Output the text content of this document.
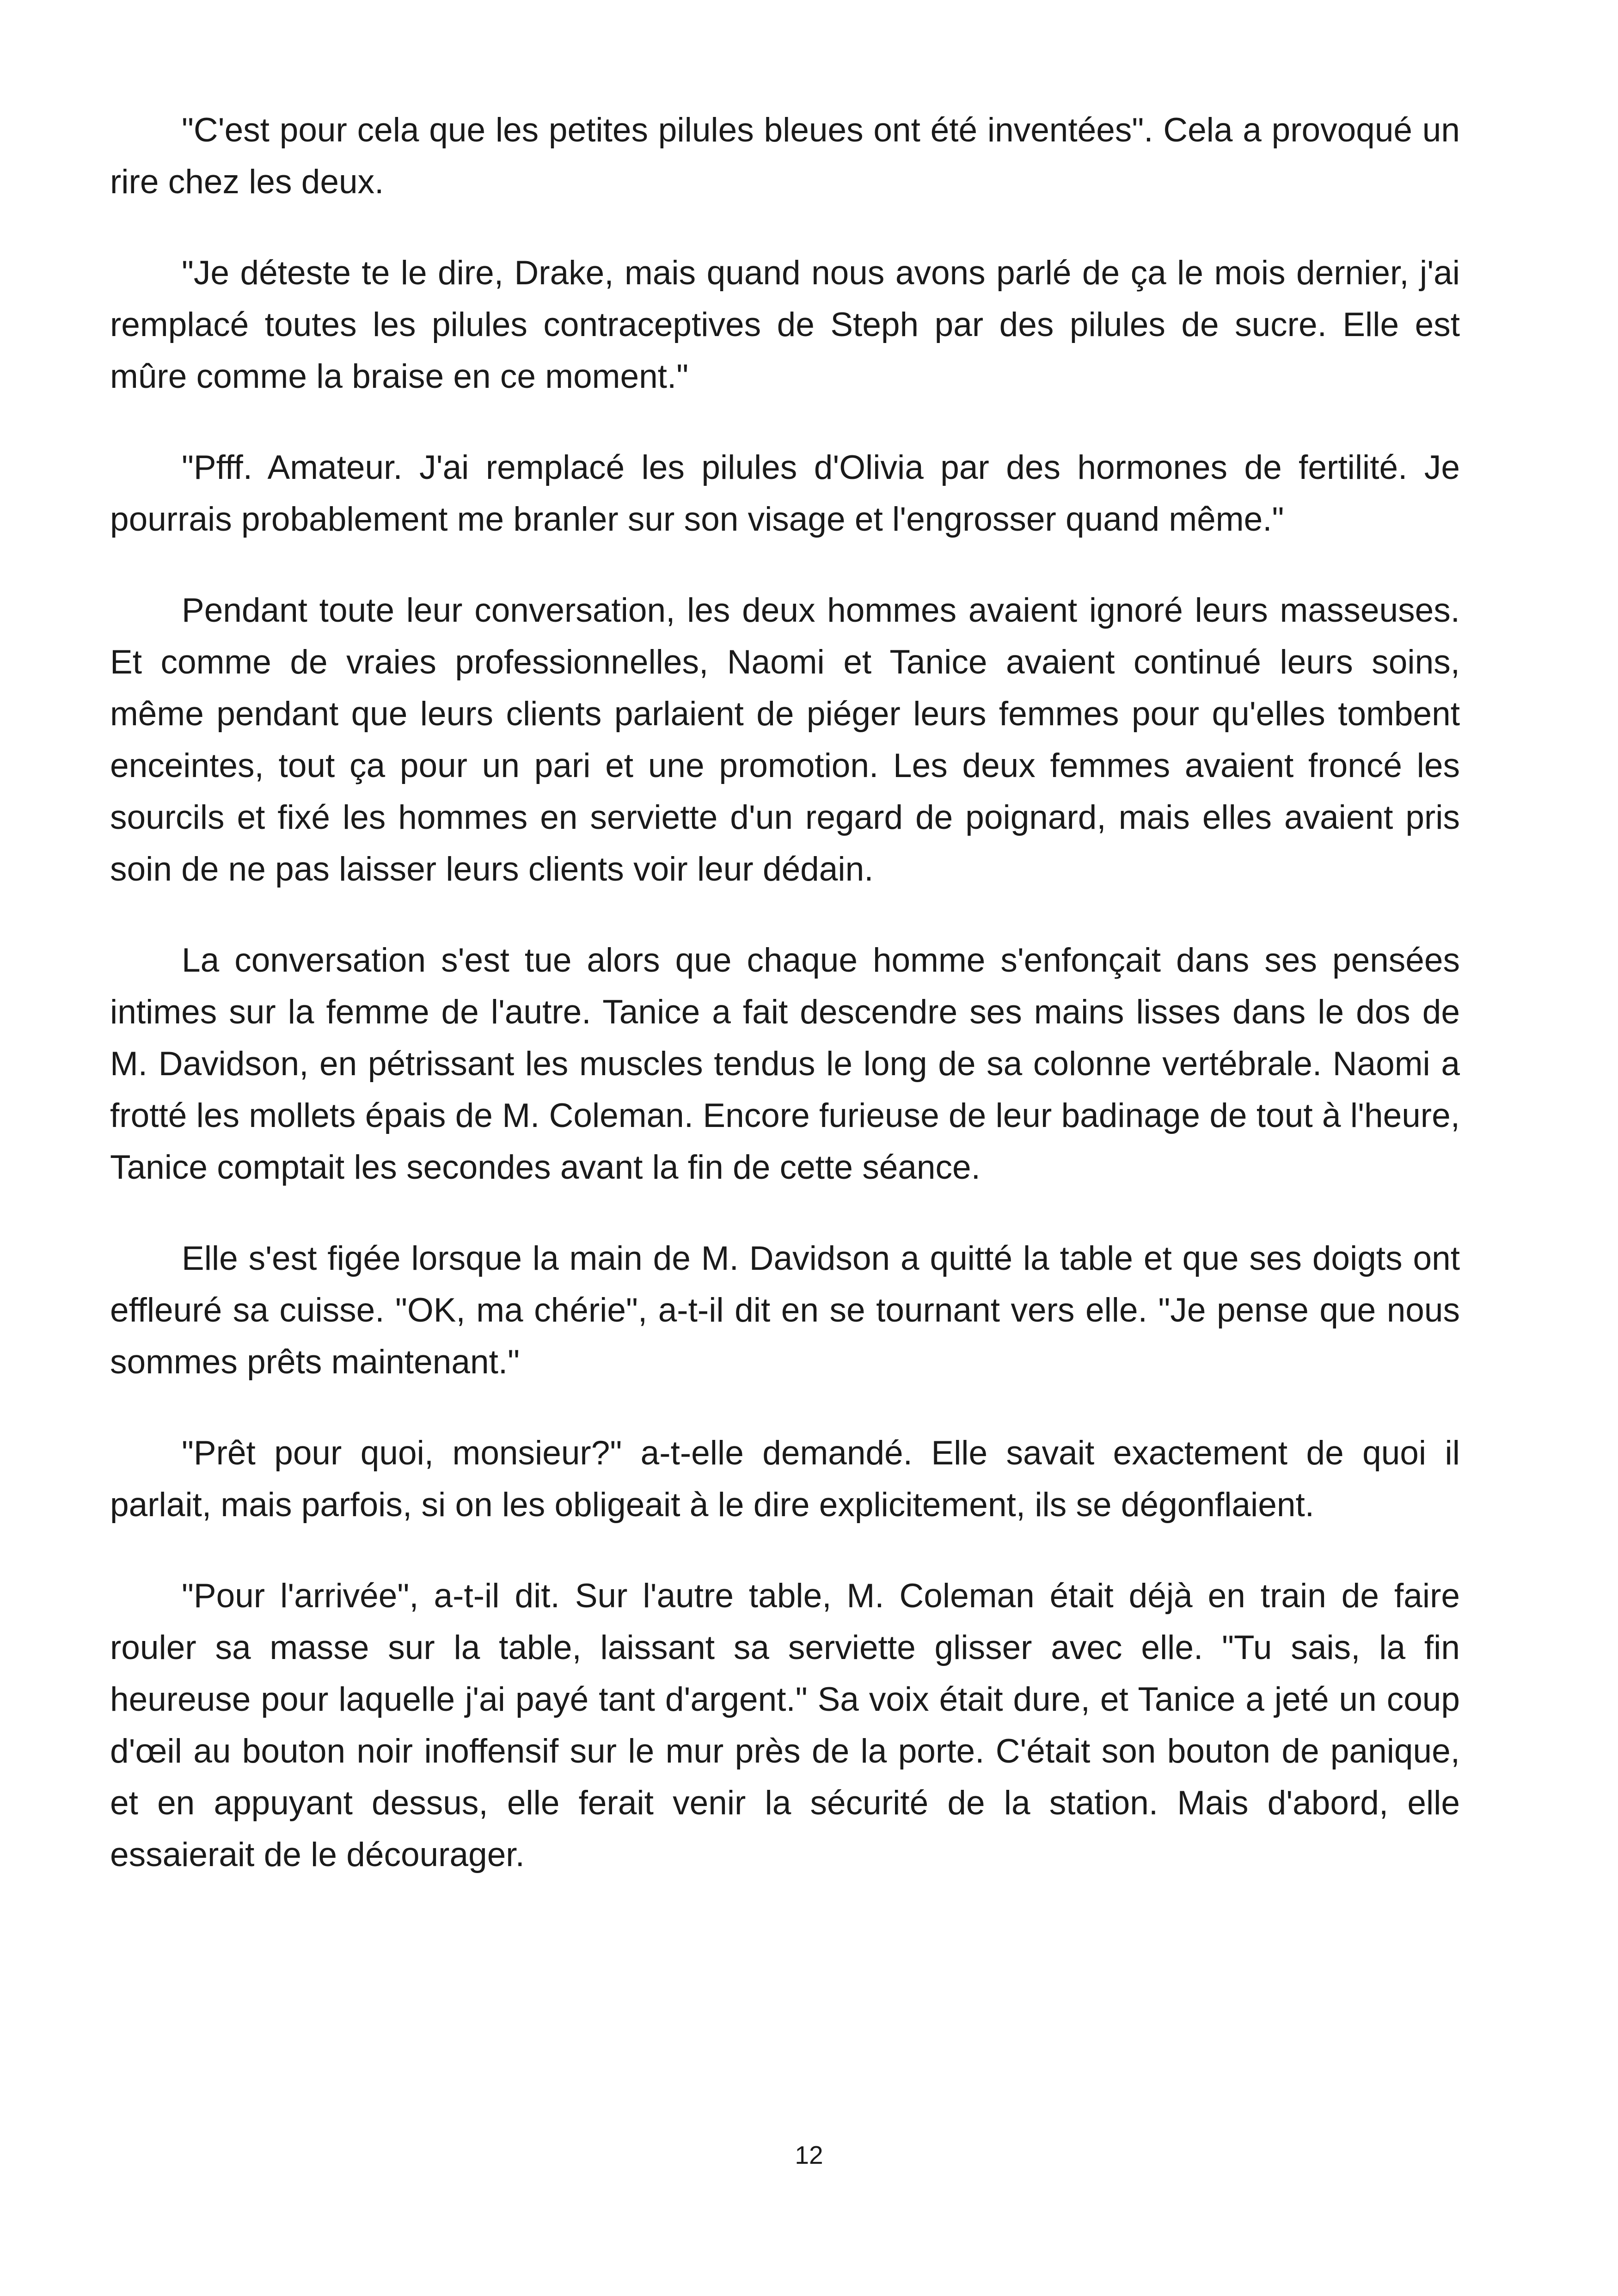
"C'est pour cela que les petites pilules bleues ont été inventées". Cela a provoqué un rire chez les deux.

"Je déteste te le dire, Drake, mais quand nous avons parlé de ça le mois dernier, j'ai remplacé toutes les pilules contraceptives de Steph par des pilules de sucre. Elle est mûre comme la braise en ce moment."

"Pfff. Amateur. J'ai remplacé les pilules d'Olivia par des hormones de fertilité. Je pourrais probablement me branler sur son visage et l'engrosser quand même."

Pendant toute leur conversation, les deux hommes avaient ignoré leurs masseuses. Et comme de vraies professionnelles, Naomi et Tanice avaient continué leurs soins, même pendant que leurs clients parlaient de piéger leurs femmes pour qu'elles tombent enceintes, tout ça pour un pari et une promotion. Les deux femmes avaient froncé les sourcils et fixé les hommes en serviette d'un regard de poignard, mais elles avaient pris soin de ne pas laisser leurs clients voir leur dédain.

La conversation s'est tue alors que chaque homme s'enfonçait dans ses pensées intimes sur la femme de l'autre. Tanice a fait descendre ses mains lisses dans le dos de M. Davidson, en pétrissant les muscles tendus le long de sa colonne vertébrale. Naomi a frotté les mollets épais de M. Coleman. Encore furieuse de leur badinage de tout à l'heure, Tanice comptait les secondes avant la fin de cette séance.

Elle s'est figée lorsque la main de M. Davidson a quitté la table et que ses doigts ont effleuré sa cuisse. "OK, ma chérie", a-t-il dit en se tournant vers elle. "Je pense que nous sommes prêts maintenant."

"Prêt pour quoi, monsieur?" a-t-elle demandé. Elle savait exactement de quoi il parlait, mais parfois, si on les obligeait à le dire explicitement, ils se dégonflaient.

"Pour l'arrivée", a-t-il dit. Sur l'autre table, M. Coleman était déjà en train de faire rouler sa masse sur la table, laissant sa serviette glisser avec elle. "Tu sais, la fin heureuse pour laquelle j'ai payé tant d'argent." Sa voix était dure, et Tanice a jeté un coup d'œil au bouton noir inoffensif sur le mur près de la porte. C'était son bouton de panique, et en appuyant dessus, elle ferait venir la sécurité de la station. Mais d'abord, elle essaierait de le décourager.

12
